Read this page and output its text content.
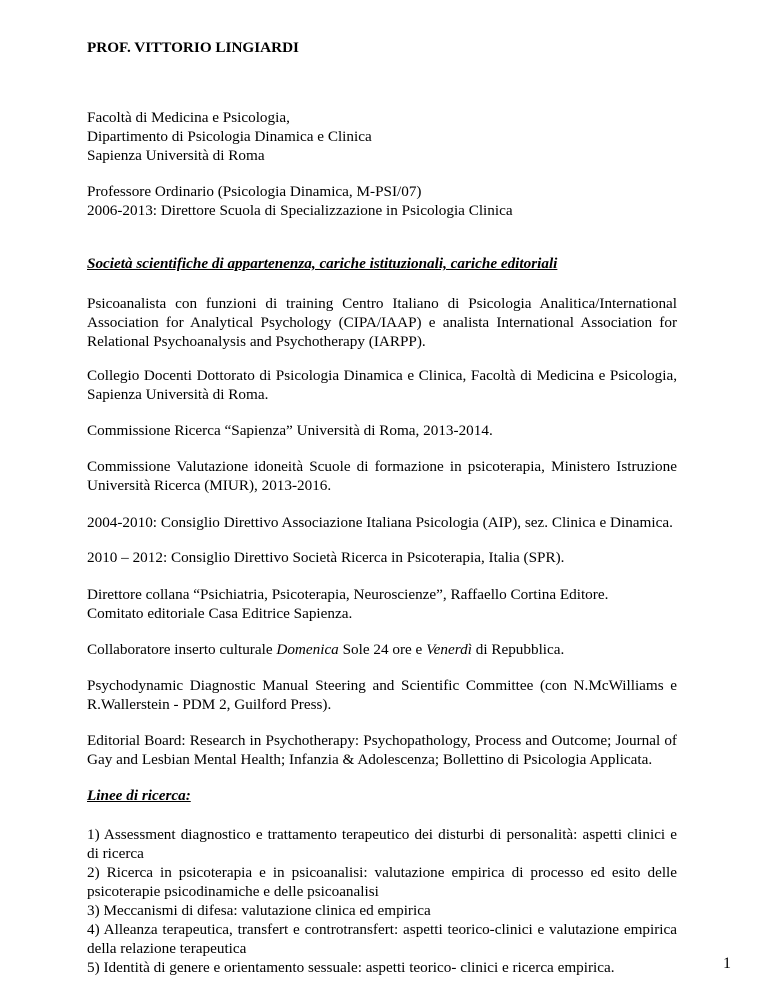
PROF. VITTORIO LINGIARDI
Facoltà di Medicina e Psicologia,
Dipartimento di Psicologia Dinamica e Clinica
Sapienza Università di Roma
Professore Ordinario (Psicologia Dinamica, M-PSI/07)
2006-2013: Direttore Scuola di Specializzazione in Psicologia Clinica
Società scientifiche di appartenenza, cariche istituzionali, cariche editoriali
Psicoanalista con funzioni di training Centro Italiano di Psicologia Analitica/International Association for Analytical Psychology (CIPA/IAAP) e analista International Association for Relational Psychoanalysis and Psychotherapy (IARPP).
Collegio Docenti Dottorato di Psicologia Dinamica e Clinica, Facoltà di Medicina e Psicologia, Sapienza Università di Roma.
Commissione Ricerca “Sapienza” Università di Roma, 2013-2014.
Commissione Valutazione idoneità Scuole di formazione in psicoterapia, Ministero Istruzione Università Ricerca (MIUR), 2013-2016.
2004-2010: Consiglio Direttivo Associazione Italiana Psicologia (AIP), sez. Clinica e Dinamica.
2010 – 2012: Consiglio Direttivo Società Ricerca in Psicoterapia, Italia (SPR).
Direttore collana “Psichiatria, Psicoterapia, Neuroscienze”, Raffaello Cortina Editore.
Comitato editoriale Casa Editrice Sapienza.
Collaboratore inserto culturale Domenica Sole 24 ore e Venerdì di Repubblica.
Psychodynamic Diagnostic Manual Steering and Scientific Committee (con N.McWilliams e R.Wallerstein - PDM 2, Guilford Press).
Editorial Board: Research in Psychotherapy: Psychopathology, Process and Outcome; Journal of Gay and Lesbian Mental Health; Infanzia & Adolescenza; Bollettino di Psicologia Applicata.
Linee di ricerca:
1) Assessment diagnostico e trattamento terapeutico dei disturbi di personalità: aspetti clinici e di ricerca
2) Ricerca in psicoterapia e in psicoanalisi: valutazione empirica di processo ed esito delle psicoterapie psicodinamiche e delle psicoanalisi
3) Meccanismi di difesa: valutazione clinica ed empirica
4) Alleanza terapeutica, transfert e controtransfert: aspetti teorico-clinici e valutazione empirica della relazione terapeutica
5) Identità di genere e orientamento sessuale: aspetti teorico- clinici e ricerca empirica.	1
